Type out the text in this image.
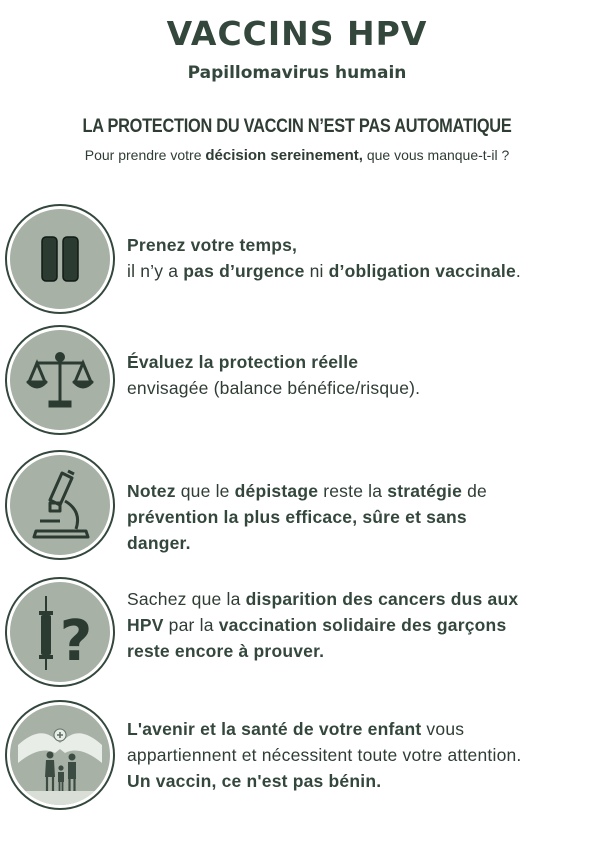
VACCINS HPV
Papillomavirus humain
LA PROTECTION DU VACCIN N’EST PAS AUTOMATIQUE
Pour prendre votre décision sereinement, que vous manque-t-il ?
Prenez votre temps,
il n’y a pas d’urgence ni d’obligation vaccinale.
Évaluez la protection réelle
envisagée (balance bénéfice/risque).
Notez que le dépistage reste la stratégie de
prévention la plus efficace, sûre et sans
danger.
?
Sachez que la disparition des cancers dus aux
HPV par la vaccination solidaire des garçons
reste encore à prouver.
L'avenir et la santé de votre enfant vous
appartiennent et nécessitent toute votre attention.
Un vaccin, ce n'est pas bénin.
